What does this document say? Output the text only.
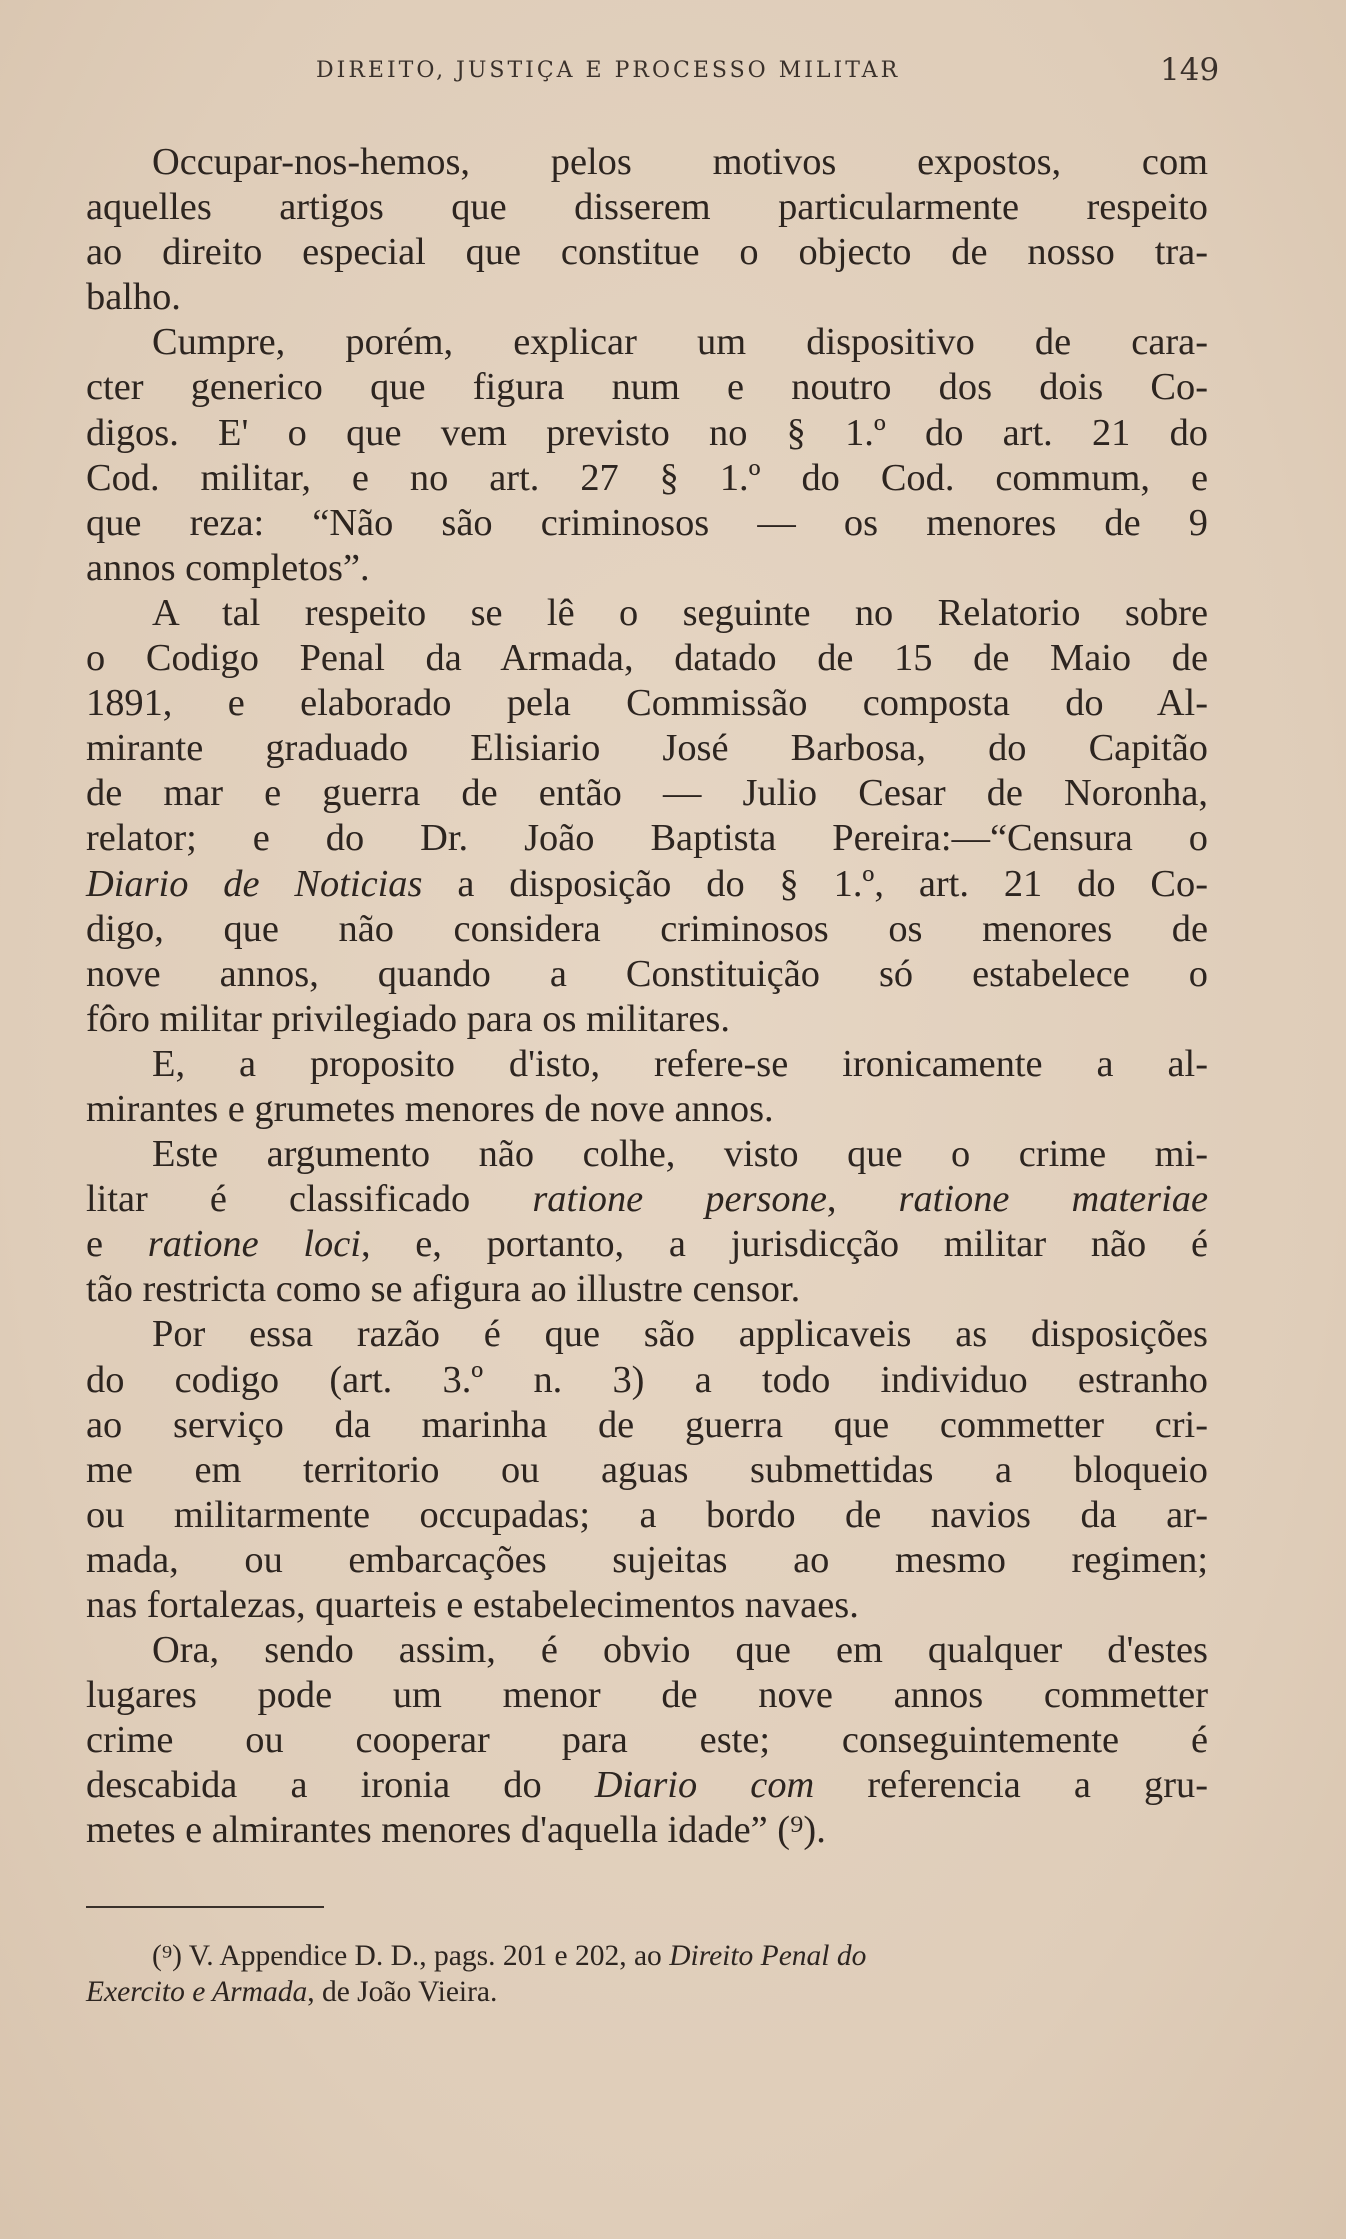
DIREITO, JUSTIÇA E PROCESSO MILITAR	149
Occupar-nos-hemos, pelos motivos expostos, com
aquelles artigos que disserem particularmente respeito
ao direito especial que constitue o objecto de nosso tra-
balho.
Cumpre, porém, explicar um dispositivo de cara-
cter generico que figura num e noutro dos dois Co-
digos. E' o que vem previsto no § 1.º do art. 21 do
Cod. militar, e no art. 27 § 1.º do Cod. commum, e
que reza: “Não são criminosos — os menores de 9
annos completos”.
A tal respeito se lê o seguinte no Relatorio sobre
o Codigo Penal da Armada, datado de 15 de Maio de
1891, e elaborado pela Commissão composta do Al-
mirante graduado Elisiario José Barbosa, do Capitão
de mar e guerra de então — Julio Cesar de Noronha,
relator; e do Dr. João Baptista Pereira:—“Censura o
Diario de Noticias a disposição do § 1.º, art. 21 do Co-
digo, que não considera criminosos os menores de
nove annos, quando a Constituição só estabelece o
fôro militar privilegiado para os militares.
E, a proposito d'isto, refere-se ironicamente a al-
mirantes e grumetes menores de nove annos.
Este argumento não colhe, visto que o crime mi-
litar é classificado ratione persone, ratione materiae
e ratione loci, e, portanto, a jurisdicção militar não é
tão restricta como se afigura ao illustre censor.
Por essa razão é que são applicaveis as disposições
do codigo (art. 3.º n. 3) a todo individuo estranho
ao serviço da marinha de guerra que commetter cri-
me em territorio ou aguas submettidas a bloqueio
ou militarmente occupadas; a bordo de navios da ar-
mada, ou embarcações sujeitas ao mesmo regimen;
nas fortalezas, quarteis e estabelecimentos navaes.
Ora, sendo assim, é obvio que em qualquer d'estes
lugares pode um menor de nove annos commetter
crime ou cooperar para este; conseguintemente é
descabida a ironia do Diario com referencia a gru-
metes e almirantes menores d'aquella idade” (⁹).
(⁹) V. Appendice D. D., pags. 201 e 202, ao Direito Penal do
Exercito e Armada, de João Vieira.
